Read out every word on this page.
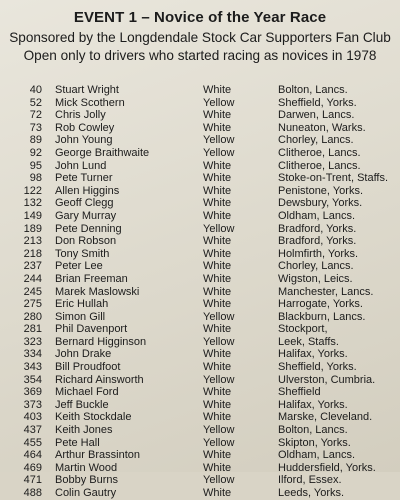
EVENT 1 – Novice of the Year Race
Sponsored by the Longdendale Stock Car Supporters Fan Club
Open only to drivers who started racing as novices in 1978
40 Stuart Wright	White	Bolton, Lancs.
52 Mick Scothern	Yellow	Sheffield, Yorks.
72 Chris Jolly	White	Darwen, Lancs.
73 Rob Cowley	White	Nuneaton, Warks.
89 John Young	Yellow	Chorley, Lancs.
92 George Braithwaite	Yellow	Clitheroe, Lancs.
95 John Lund	White	Clitheroe, Lancs.
98 Pete Turner	White	Stoke-on-Trent, Staffs.
122 Allen Higgins	White	Penistone, Yorks.
132 Geoff Clegg	White	Dewsbury, Yorks.
149 Gary Murray	White	Oldham, Lancs.
189 Pete Denning	Yellow	Bradford, Yorks.
213 Don Robson	White	Bradford, Yorks.
218 Tony Smith	White	Holmfirth, Yorks.
237 Peter Lee	White	Chorley, Lancs.
244 Brian Freeman	White	Wigston, Leics.
245 Marek Maslowski	White	Manchester, Lancs.
275 Eric Hullah	White	Harrogate, Yorks.
280 Simon Gill	Yellow	Blackburn, Lancs.
281 Phil Davenport	White	Stockport,
323 Bernard Higginson	Yellow	Leek, Staffs.
334 John Drake	White	Halifax, Yorks.
343 Bill Proudfoot	White	Sheffield, Yorks.
354 Richard Ainsworth	Yellow	Ulverston, Cumbria.
369 Michael Ford	White	Sheffield
373 Jeff Buckle	White	Halifax, Yorks.
403 Keith Stockdale	White	Marske, Cleveland.
437 Keith Jones	Yellow	Bolton, Lancs.
455 Pete Hall	Yellow	Skipton, Yorks.
464 Arthur Brassinton	White	Oldham, Lancs.
469 Martin Wood	White	Huddersfield, Yorks.
471 Bobby Burns	Yellow	Ilford, Essex.
488 Colin Gautry	White	Leeds, Yorks.
